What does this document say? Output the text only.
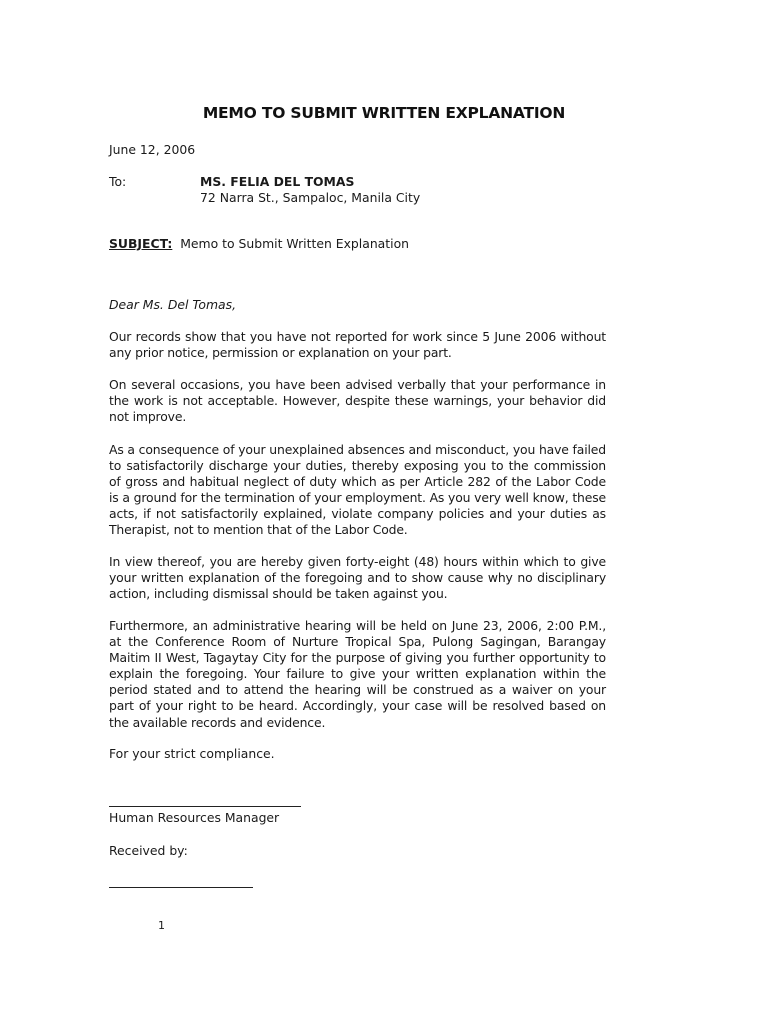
MEMO TO SUBMIT WRITTEN EXPLANATION
June 12, 2006
To:	MS. FELIA DEL TOMAS
72 Narra St., Sampaloc, Manila City
SUBJECT: Memo to Submit Written Explanation
Dear Ms. Del Tomas,
Our records show that you have not reported for work since 5 June 2006 without any prior notice, permission or explanation on your part.
On several occasions, you have been advised verbally that your performance in the work is not acceptable. However, despite these warnings, your behavior did not improve.
As a consequence of your unexplained absences and misconduct, you have failed to satisfactorily discharge your duties, thereby exposing you to the commission of gross and habitual neglect of duty which as per Article 282 of the Labor Code is a ground for the termination of your employment. As you very well know, these acts, if not satisfactorily explained, violate company policies and your duties as Therapist, not to mention that of the Labor Code.
In view thereof, you are hereby given forty-eight (48) hours within which to give your written explanation of the foregoing and to show cause why no disciplinary action, including dismissal should be taken against you.
Furthermore, an administrative hearing will be held on June 23, 2006, 2:00 P.M., at the Conference Room of Nurture Tropical Spa, Pulong Sagingan, Barangay Maitim II West, Tagaytay City for the purpose of giving you further opportunity to explain the foregoing. Your failure to give your written explanation within the period stated and to attend the hearing will be construed as a waiver on your part of your right to be heard. Accordingly, your case will be resolved based on the available records and evidence.
For your strict compliance.
Human Resources Manager
Received by:
1
